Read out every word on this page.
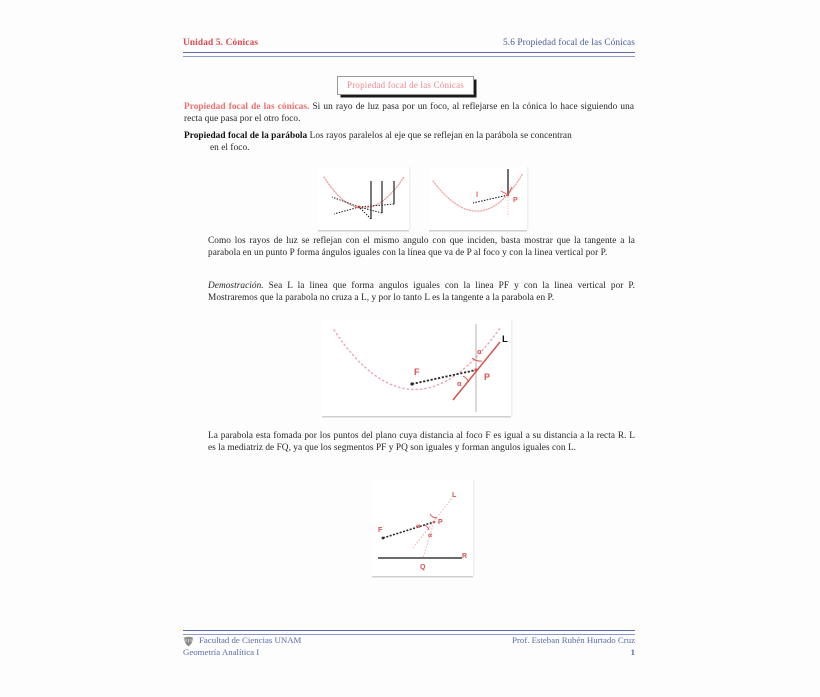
Unidad 5. Cónicas	5.6 Propiedad focal de las Cónicas
Propiedad focal de las Cónicas
Propiedad focal de las cónicas. Si un rayo de luz pasa por un foco, al reflejarse en la cónica lo hace siguiendo una recta que pasa por el otro foco.
Propiedad focal de la parábola Los rayos paralelos al eje que se reflejan en la parábola se concentran
en el foco.
l
P
Como los rayos de luz se reflejan con el mismo angulo con que inciden, basta mostrar que la tangente a la parabola en un punto P forma ángulos iguales con la línea que va de P al foco y con la linea vertical por P.
Demostración. Sea L la linea que forma angulos iguales con la linea PF y con la linea vertical por P. Mostraremos que la parabola no cruza a L, y por lo tanto L es la tangente a la parabola en P.
F	P
L
α
α
La parabola esta fomada por los puntos del plano cuya distancia al foco F es igual a su distancia a la recta R. L es la mediatriz de FQ, ya que los segmentos PF y PQ son iguales y forman angulos iguales con L.
F
P
L
R
Q
α
α
Facultad de Ciencias UNAM	Prof. Esteban Rubén Hurtado Cruz
Geometría Analítica I	1
